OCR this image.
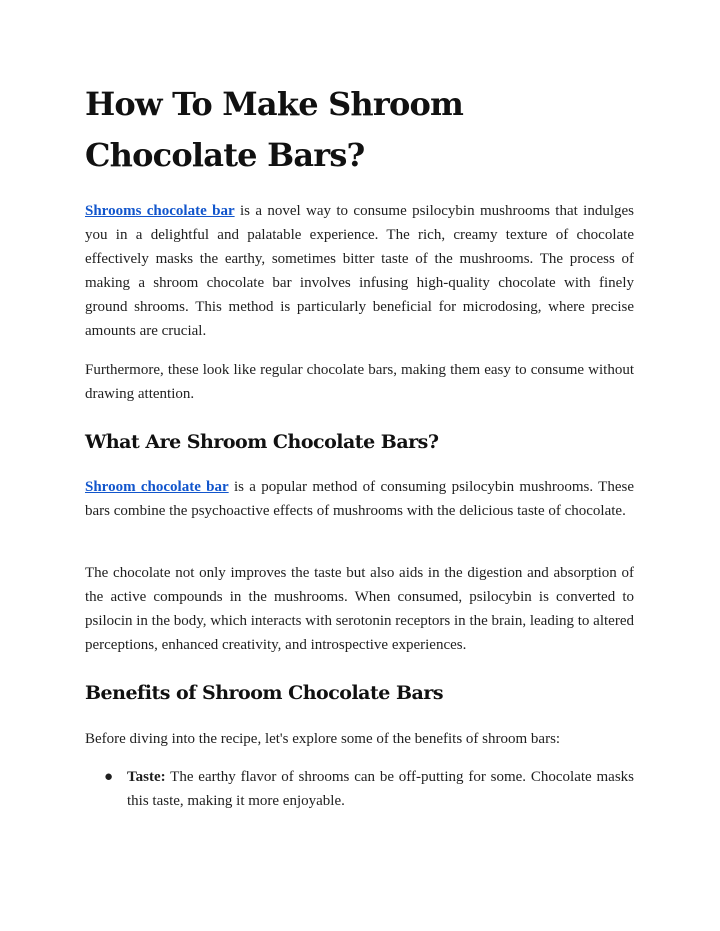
How To Make Shroom Chocolate Bars?

Shrooms chocolate bar is a novel way to consume psilocybin mushrooms that indulges you in a delightful and palatable experience. The rich, creamy texture of chocolate effectively masks the earthy, sometimes bitter taste of the mushrooms. The process of making a shroom chocolate bar involves infusing high-quality chocolate with finely ground shrooms. This method is particularly beneficial for microdosing, where precise amounts are crucial.

Furthermore, these look like regular chocolate bars, making them easy to consume without drawing attention.

What Are Shroom Chocolate Bars?

Shroom chocolate bar is a popular method of consuming psilocybin mushrooms. These bars combine the psychoactive effects of mushrooms with the delicious taste of chocolate.

The chocolate not only improves the taste but also aids in the digestion and absorption of the active compounds in the mushrooms. When consumed, psilocybin is converted to psilocin in the body, which interacts with serotonin receptors in the brain, leading to altered perceptions, enhanced creativity, and introspective experiences.

Benefits of Shroom Chocolate Bars

Before diving into the recipe, let's explore some of the benefits of shroom bars:

● Taste: The earthy flavor of shrooms can be off-putting for some. Chocolate masks this taste, making it more enjoyable.
